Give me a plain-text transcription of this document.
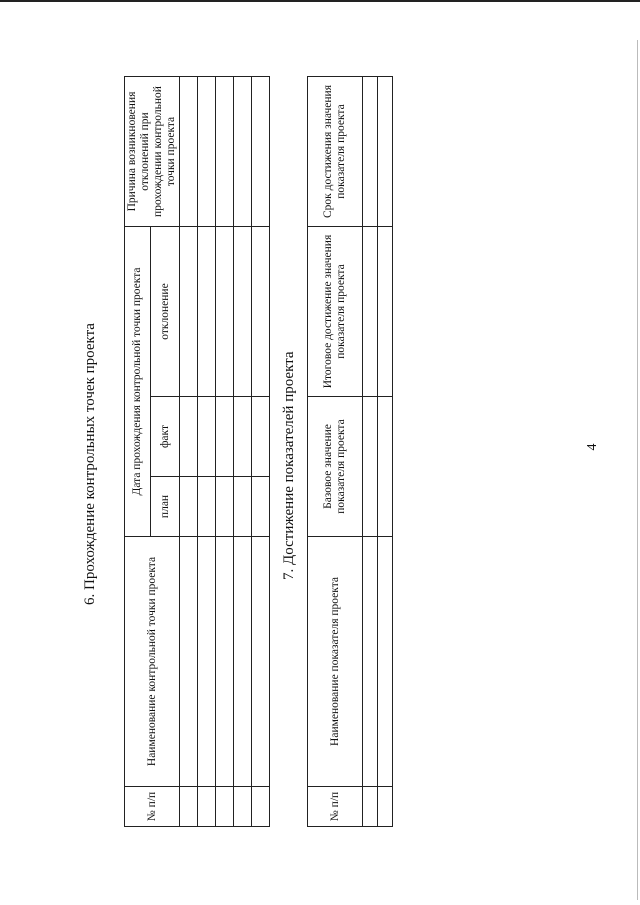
4
6. Прохождение контрольных точек проекта
№ п/п	Наименование контрольной точки проекта	Дата прохождения контрольной точки проекта			Причина возникновения отклонений при прохождении контрольной точки проекта
		план	факт	отклонение	

7. Достижение показателей проекта
№ п/п	Наименование показателя проекта	Базовое значение показателя проекта	Итоговое достижение значения показателя проекта	Срок достижения значения показателя проекта
